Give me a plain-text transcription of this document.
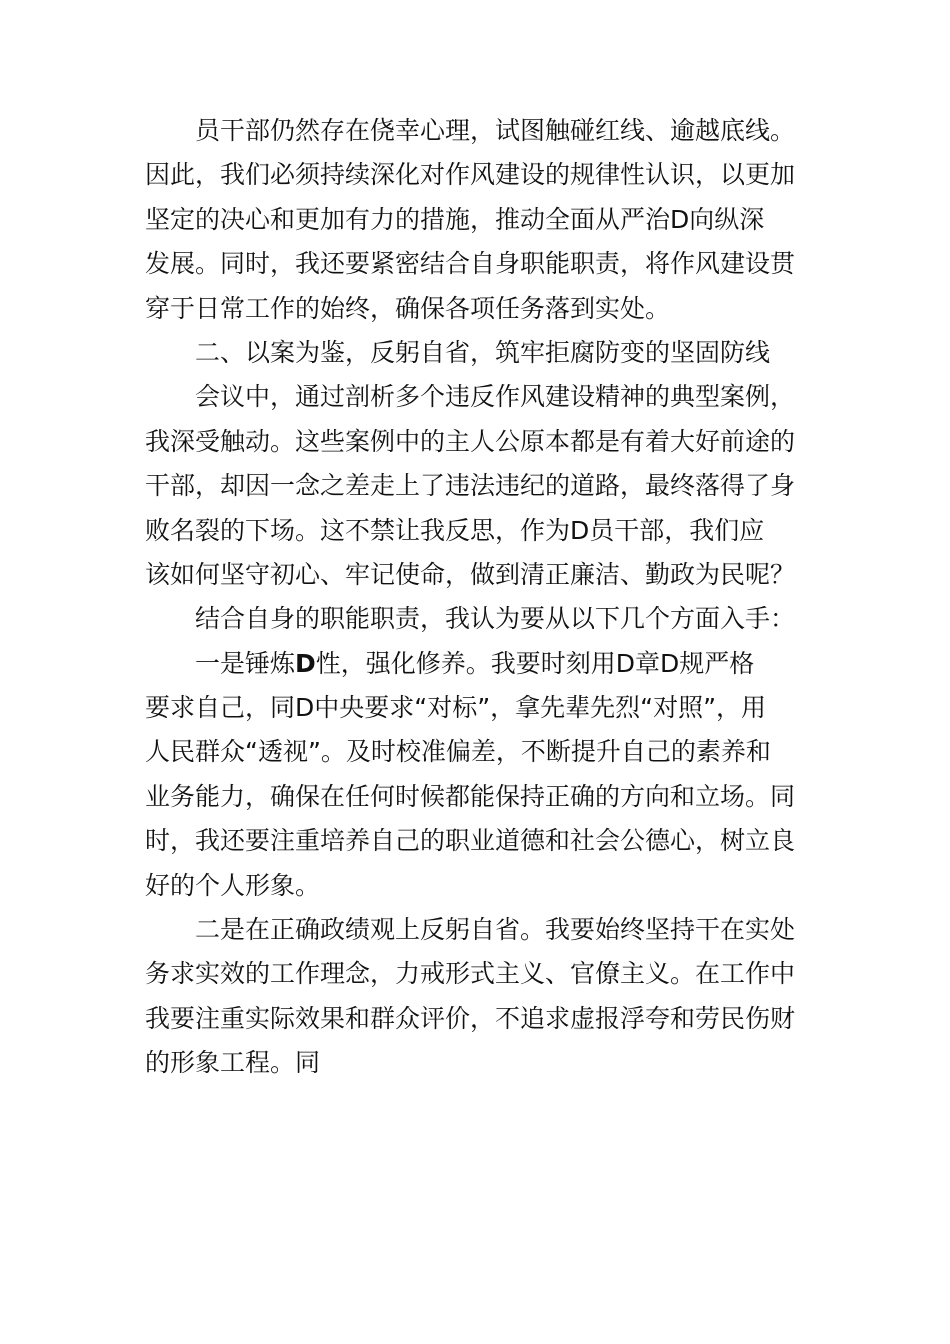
员干部仍然存在侥幸心理，试图触碰红线、逾越底线。
因此，我们必须持续深化对作风建设的规律性认识，以更加
坚定的决心和更加有力的措施，推动全面从严治D向纵深
发展。同时，我还要紧密结合自身职能职责，将作风建设贯
穿于日常工作的始终，确保各项任务落到实处。
二、以案为鉴，反躬自省，筑牢拒腐防变的坚固防线
会议中，通过剖析多个违反作风建设精神的典型案例，
我深受触动。这些案例中的主人公原本都是有着大好前途的
干部，却因一念之差走上了违法违纪的道路，最终落得了身
败名裂的下场。这不禁让我反思，作为D员干部，我们应
该如何坚守初心、牢记使命，做到清正廉洁、勤政为民呢？
结合自身的职能职责，我认为要从以下几个方面入手：
一是锤炼D性，强化修养。我要时刻用D章D规严格
要求自己，同D中央要求“对标”，拿先辈先烈“对照”，用
人民群众“透视”。及时校准偏差，不断提升自己的素养和
业务能力，确保在任何时候都能保持正确的方向和立场。同
时，我还要注重培养自己的职业道德和社会公德心，树立良
好的个人形象。
二是在正确政绩观上反躬自省。我要始终坚持干在实处
务求实效的工作理念，力戒形式主义、官僚主义。在工作中
我要注重实际效果和群众评价，不追求虚报浮夸和劳民伤财
的形象工程。同
